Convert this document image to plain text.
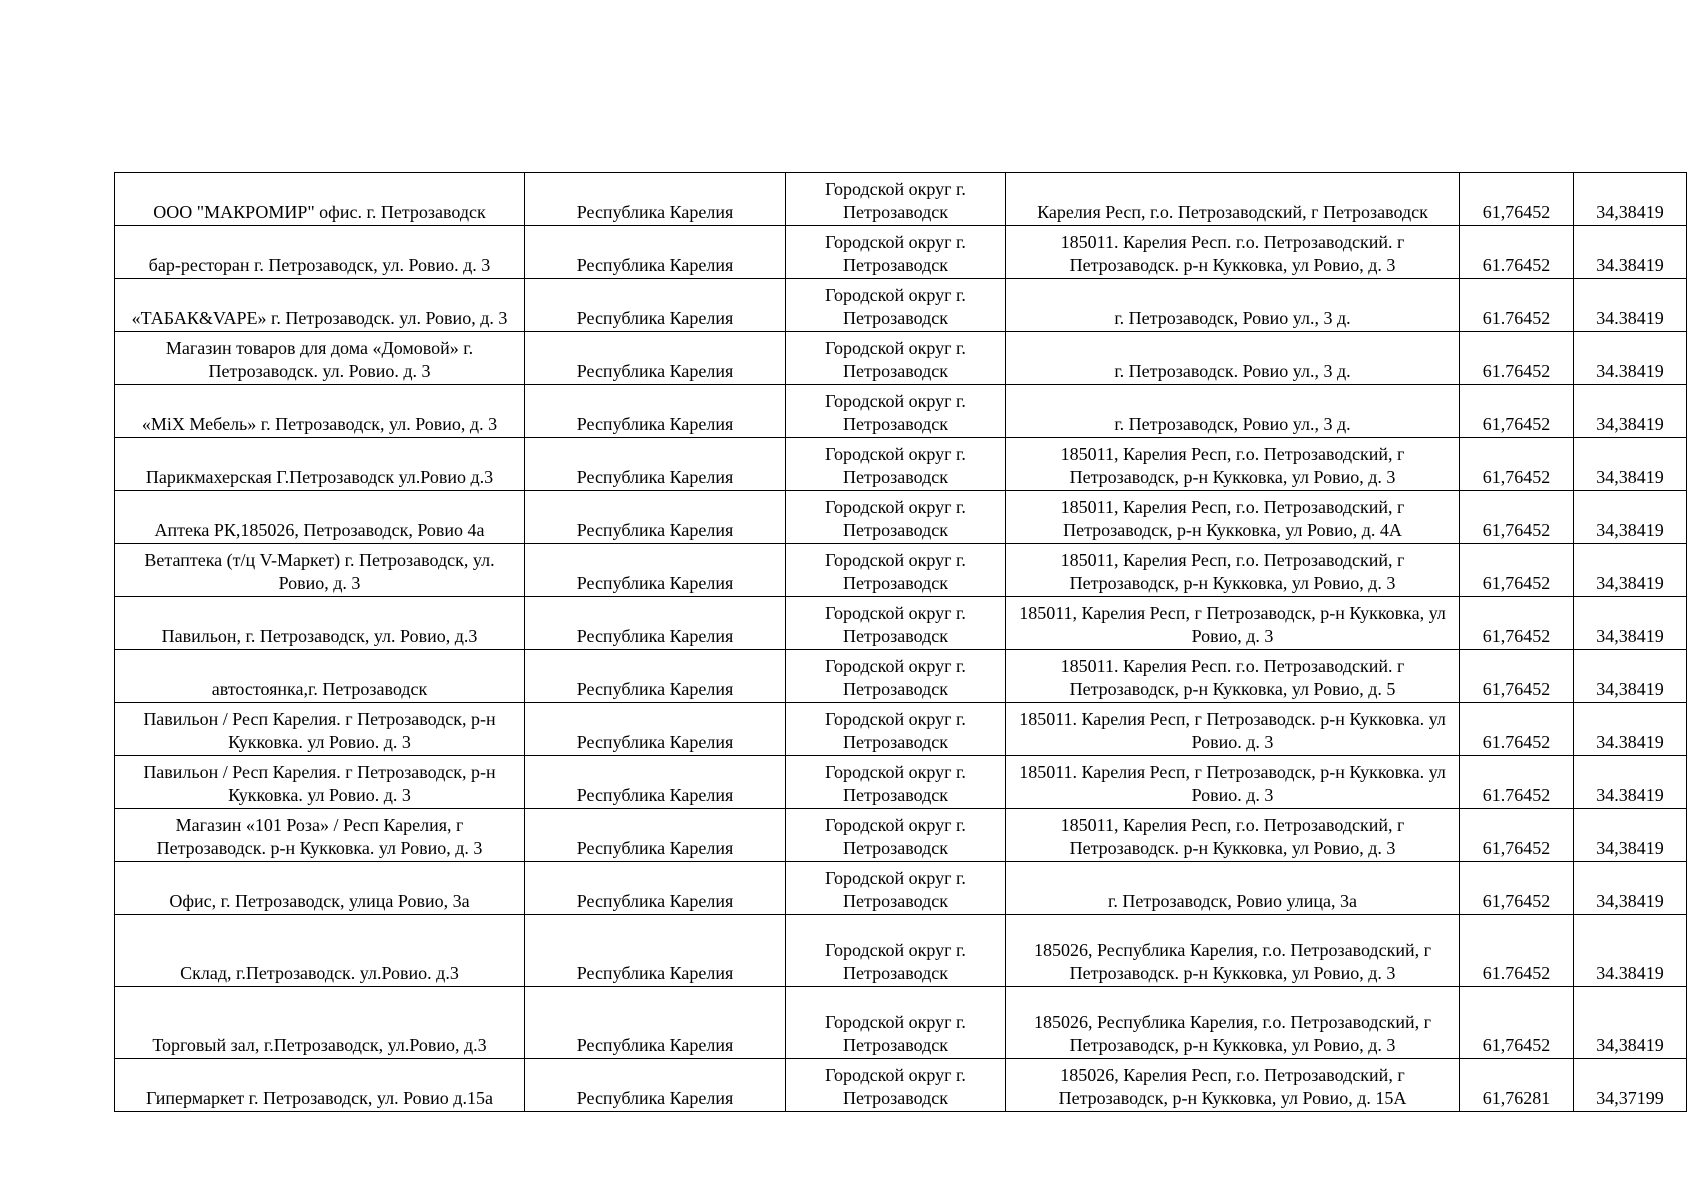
ООО "МАКРОМИР" офис. г. Петрозаводск	Республика Карелия	Городской округ г. Петрозаводск	Карелия Респ, г.о. Петрозаводский, г Петрозаводск	61,76452	34,38419
бар-ресторан г. Петрозаводск, ул. Ровио. д. 3	Республика Карелия	Городской округ г. Петрозаводск	185011. Карелия Респ. г.о. Петрозаводский. г Петрозаводск. р-н Кукковка, ул Ровио, д. 3	61.76452	34.38419
«ТАБАК&VAPE» г. Петрозаводск. ул. Ровио, д. 3	Республика Карелия	Городской округ г. Петрозаводск	г. Петрозаводск, Ровио ул., 3 д.	61.76452	34.38419
Магазин товаров для дома «Домовой» г. Петрозаводск. ул. Ровио. д. 3	Республика Карелия	Городской округ г. Петрозаводск	г. Петрозаводск. Ровио ул., 3 д.	61.76452	34.38419
«MiX Мебель» г. Петрозаводск, ул. Ровио, д. 3	Республика Карелия	Городской округ г. Петрозаводск	г. Петрозаводск, Ровио ул., 3 д.	61,76452	34,38419
Парикмахерская Г.Петрозаводск ул.Ровио д.3	Республика Карелия	Городской округ г. Петрозаводск	185011, Карелия Респ, г.о. Петрозаводский, г Петрозаводск, р-н Кукковка, ул Ровио, д. 3	61,76452	34,38419
Аптека РК,185026, Петрозаводск, Ровио 4а	Республика Карелия	Городской округ г. Петрозаводск	185011, Карелия Респ, г.о. Петрозаводский, г Петрозаводск, р-н Кукковка, ул Ровио, д. 4А	61,76452	34,38419
Ветаптека (т/ц V-Маркет) г. Петрозаводск, ул. Ровио, д. 3	Республика Карелия	Городской округ г. Петрозаводск	185011, Карелия Респ, г.о. Петрозаводский, г Петрозаводск, р-н Кукковка, ул Ровио, д. 3	61,76452	34,38419
Павильон, г. Петрозаводск, ул. Ровио, д.3	Республика Карелия	Городской округ г. Петрозаводск	185011, Карелия Респ, г Петрозаводск, р-н Кукковка, ул Ровио, д. 3	61,76452	34,38419
автостоянка,г. Петрозаводск	Республика Карелия	Городской округ г. Петрозаводск	185011. Карелия Респ. г.о. Петрозаводский. г Петрозаводск, р-н Кукковка, ул Ровио, д. 5	61,76452	34,38419
Павильон / Респ Карелия. г Петрозаводск, р-н Кукковка. ул Ровио. д. 3	Республика Карелия	Городской округ г. Петрозаводск	185011. Карелия Респ, г Петрозаводск. р-н Кукковка. ул Ровио. д. 3	61.76452	34.38419
Павильон / Респ Карелия. г Петрозаводск, р-н Кукковка. ул Ровио. д. 3	Республика Карелия	Городской округ г. Петрозаводск	185011. Карелия Респ, г Петрозаводск, р-н Кукковка. ул Ровио. д. 3	61.76452	34.38419
Магазин «101 Роза» / Респ Карелия, г Петрозаводск. р-н Кукковка. ул Ровио, д. 3	Республика Карелия	Городской округ г. Петрозаводск	185011, Карелия Респ, г.о. Петрозаводский, г Петрозаводск. р-н Кукковка, ул Ровио, д. 3	61,76452	34,38419
Офис, г. Петрозаводск, улица Ровио, 3а	Республика Карелия	Городской округ г. Петрозаводск	г. Петрозаводск, Ровио улица, 3а	61,76452	34,38419
Склад, г.Петрозаводск. ул.Ровио. д.3	Республика Карелия	Городской округ г. Петрозаводск	185026, Республика Карелия, г.о. Петрозаводский, г Петрозаводск. р-н Кукковка, ул Ровио, д. 3	61.76452	34.38419
Торговый зал, г.Петрозаводск, ул.Ровио, д.3	Республика Карелия	Городской округ г. Петрозаводск	185026, Республика Карелия, г.о. Петрозаводский, г Петрозаводск, р-н Кукковка, ул Ровио, д. 3	61,76452	34,38419
Гипермаркет г. Петрозаводск, ул. Ровио д.15а	Республика Карелия	Городской округ г. Петрозаводск	185026, Карелия Респ, г.о. Петрозаводский, г Петрозаводск, р-н Кукковка, ул Ровио, д. 15А	61,76281	34,37199
